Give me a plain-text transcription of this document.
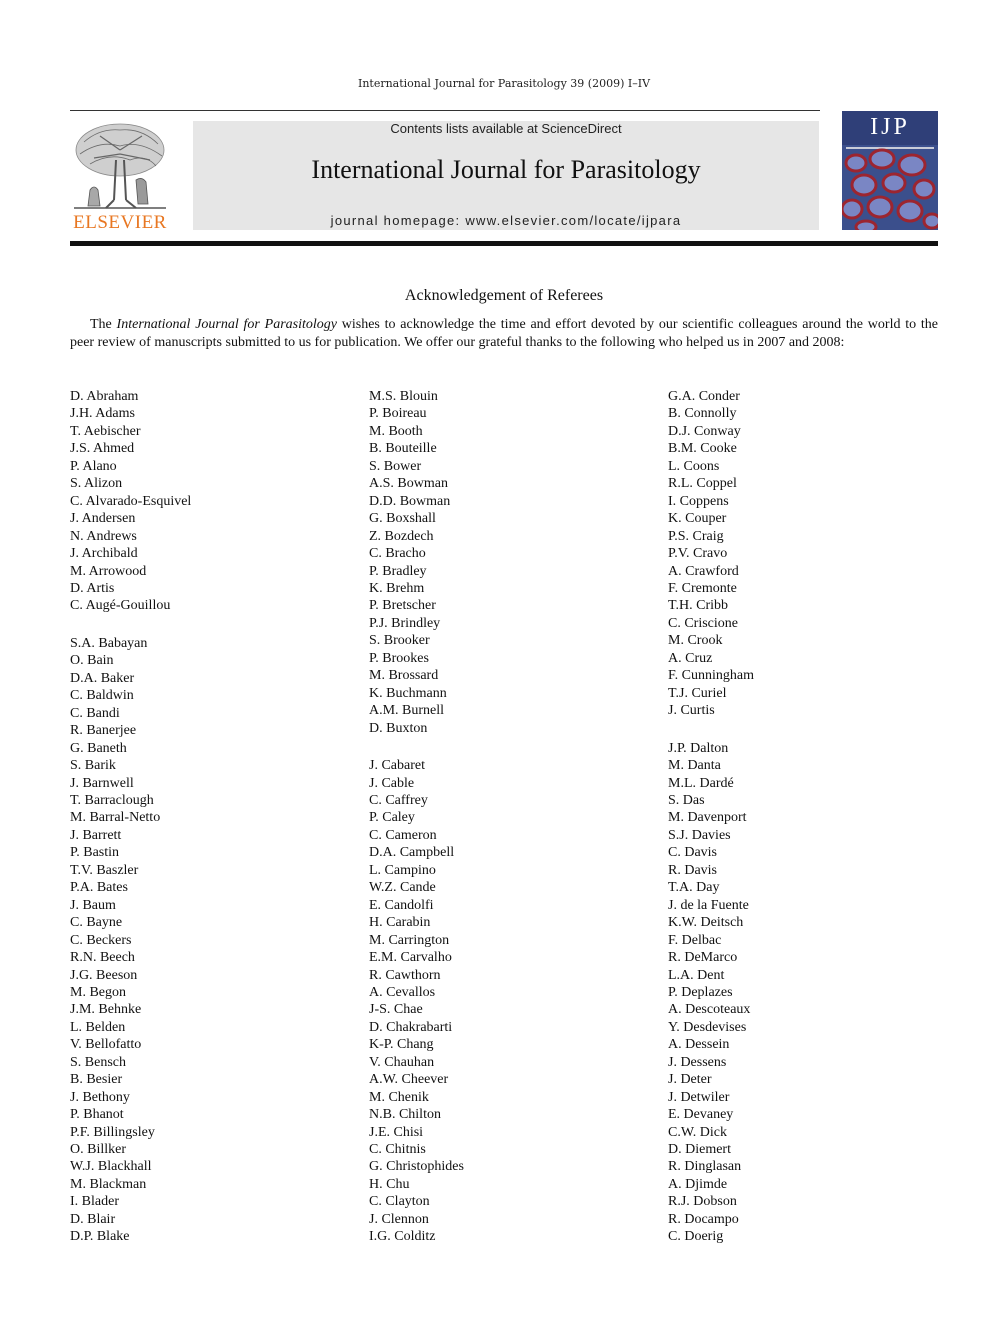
International Journal for Parasitology 39 (2009) I–IV
ELSEVIER
Contents lists available at ScienceDirect
International Journal for Parasitology
journal homepage: www.elsevier.com/locate/ijpara
IJP
Acknowledgement of Referees

The International Journal for Parasitology wishes to acknowledge the time and effort devoted by our scientific colleagues around the world to the peer review of manuscripts submitted to us for publication. We offer our grateful thanks to the following who helped us in 2007 and 2008:

D. Abraham
J.H. Adams
T. Aebischer
J.S. Ahmed
P. Alano
S. Alizon
C. Alvarado-Esquivel
J. Andersen
N. Andrews
J. Archibald
M. Arrowood
D. Artis
C. Augé-Gouillou
S.A. Babayan
O. Bain
D.A. Baker
C. Baldwin
C. Bandi
R. Banerjee
G. Baneth
S. Barik
J. Barnwell
T. Barraclough
M. Barral-Netto
J. Barrett
P. Bastin
T.V. Baszler
P.A. Bates
J. Baum
C. Bayne
C. Beckers
R.N. Beech
J.G. Beeson
M. Begon
J.M. Behnke
L. Belden
V. Bellofatto
S. Bensch
B. Besier
J. Bethony
P. Bhanot
P.F. Billingsley
O. Billker
W.J. Blackhall
M. Blackman
I. Blader
D. Blair
D.P. Blake
M.S. Blouin
P. Boireau
M. Booth
B. Bouteille
S. Bower
A.S. Bowman
D.D. Bowman
G. Boxshall
Z. Bozdech
C. Bracho
P. Bradley
K. Brehm
P. Bretscher
P.J. Brindley
S. Brooker
P. Brookes
M. Brossard
K. Buchmann
A.M. Burnell
D. Buxton
J. Cabaret
J. Cable
C. Caffrey
P. Caley
C. Cameron
D.A. Campbell
L. Campino
W.Z. Cande
E. Candolfi
H. Carabin
M. Carrington
E.M. Carvalho
R. Cawthorn
A. Cevallos
J-S. Chae
D. Chakrabarti
K-P. Chang
V. Chauhan
A.W. Cheever
M. Chenik
N.B. Chilton
J.E. Chisi
C. Chitnis
G. Christophides
H. Chu
C. Clayton
J. Clennon
I.G. Colditz
G.A. Conder
B. Connolly
D.J. Conway
B.M. Cooke
L. Coons
R.L. Coppel
I. Coppens
K. Couper
P.S. Craig
P.V. Cravo
A. Crawford
F. Cremonte
T.H. Cribb
C. Criscione
M. Crook
A. Cruz
F. Cunningham
T.J. Curiel
J. Curtis
J.P. Dalton
M. Danta
M.L. Dardé
S. Das
M. Davenport
S.J. Davies
C. Davis
R. Davis
T.A. Day
J. de la Fuente
K.W. Deitsch
F. Delbac
R. DeMarco
L.A. Dent
P. Deplazes
A. Descoteaux
Y. Desdevises
A. Dessein
J. Dessens
J. Deter
J. Detwiler
E. Devaney
C.W. Dick
D. Diemert
R. Dinglasan
A. Djimde
R.J. Dobson
R. Docampo
C. Doerig
